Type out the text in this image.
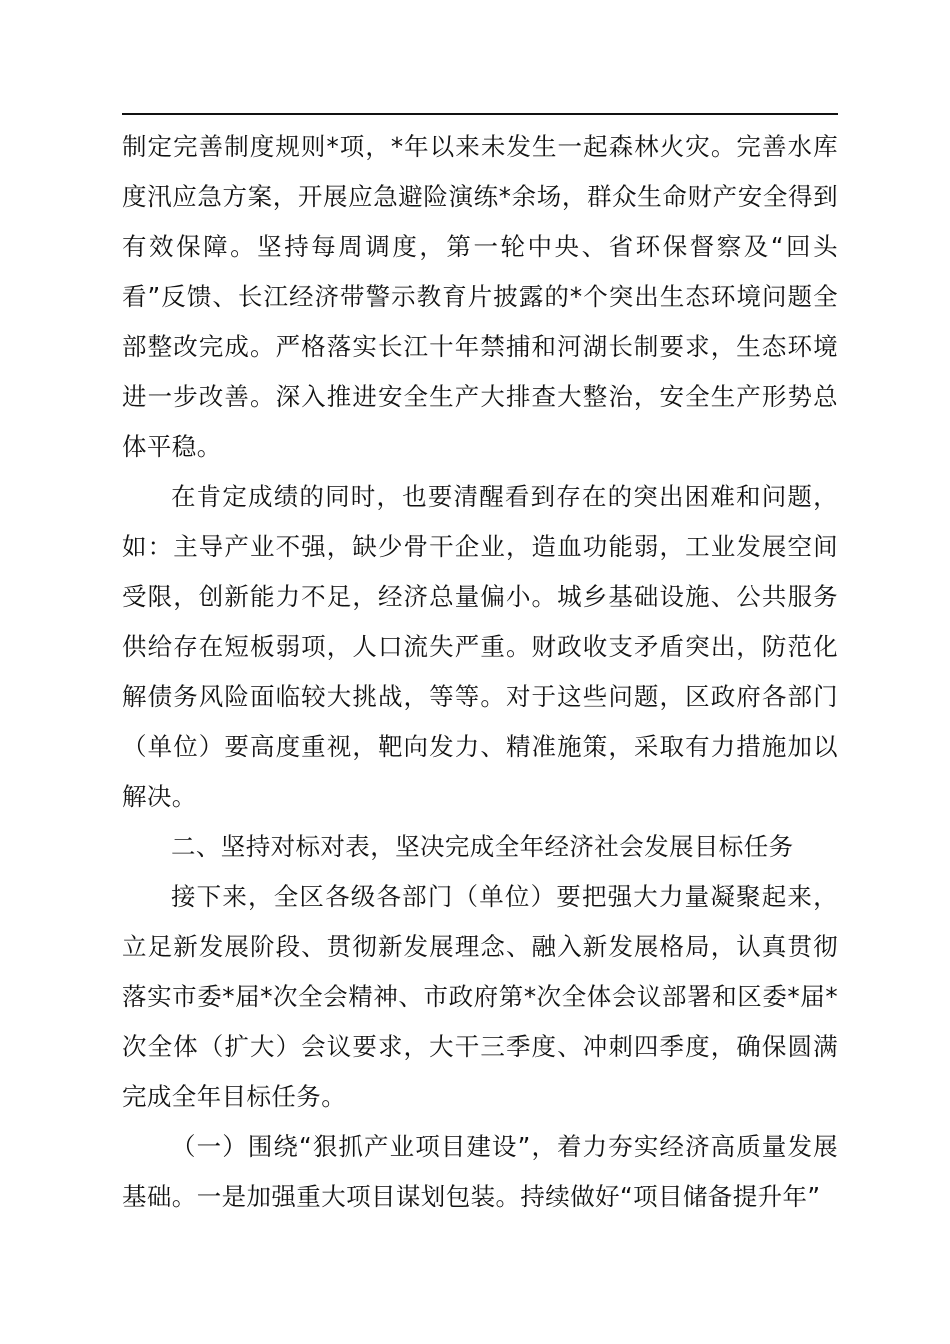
制定完善制度规则*项，*年以来未发生一起森林火灾。完善水库度汛应急方案，开展应急避险演练*余场，群众生命财产安全得到有效保障。坚持每周调度，第一轮中央、省环保督察及“回头看”反馈、长江经济带警示教育片披露的*个突出生态环境问题全部整改完成。严格落实长江十年禁捕和河湖长制要求，生态环境进一步改善。深入推进安全生产大排查大整治，安全生产形势总体平稳。

在肯定成绩的同时，也要清醒看到存在的突出困难和问题，如：主导产业不强，缺少骨干企业，造血功能弱，工业发展空间受限，创新能力不足，经济总量偏小。城乡基础设施、公共服务供给存在短板弱项，人口流失严重。财政收支矛盾突出，防范化解债务风险面临较大挑战，等等。对于这些问题，区政府各部门（单位）要高度重视，靶向发力、精准施策，采取有力措施加以解决。

二、坚持对标对表，坚决完成全年经济社会发展目标任务

接下来，全区各级各部门（单位）要把强大力量凝聚起来，立足新发展阶段、贯彻新发展理念、融入新发展格局，认真贯彻落实市委*届*次全会精神、市政府第*次全体会议部署和区委*届*次全体（扩大）会议要求，大干三季度、冲刺四季度，确保圆满完成全年目标任务。

（一）围绕“狠抓产业项目建设”，着力夯实经济高质量发展基础。一是加强重大项目谋划包装。持续做好“项目储备提升年”
